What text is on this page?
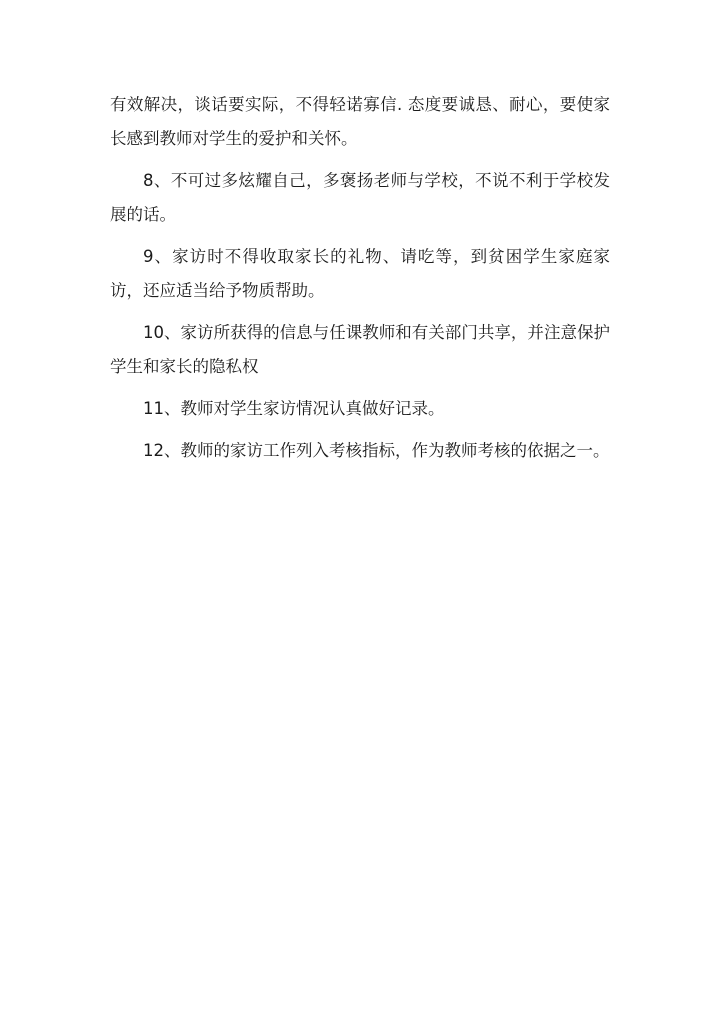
有效解决，谈话要实际，不得轻诺寡信. 态度要诚恳、耐心，要使家长感到教师对学生的爱护和关怀。

8、不可过多炫耀自己，多褒扬老师与学校，不说不利于学校发展的话。

9、家访时不得收取家长的礼物、请吃等，到贫困学生家庭家访，还应适当给予物质帮助。

10、家访所获得的信息与任课教师和有关部门共享，并注意保护学生和家长的隐私权

11、教师对学生家访情况认真做好记录。

12、教师的家访工作列入考核指标，作为教师考核的依据之一。
